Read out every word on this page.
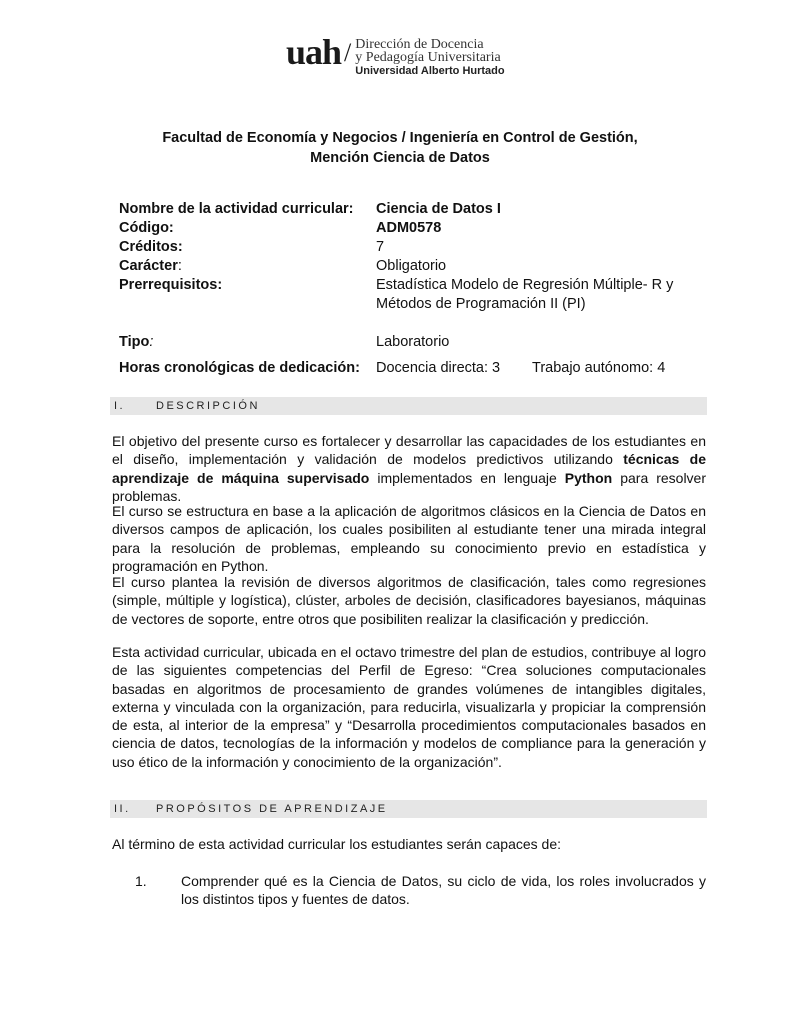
uah / Dirección de Docencia
y Pedagogía Universitaria
Universidad Alberto Hurtado
Facultad de Economía y Negocios / Ingeniería en Control de Gestión,
Mención Ciencia de Datos
Nombre de la actividad curricular:	Ciencia de Datos I
Código:	ADM0578
Créditos:	7
Carácter:	Obligatorio
Prerrequisitos:	Estadística Modelo de Regresión Múltiple- R y Métodos de Programación II (PI)
Tipo:	Laboratorio
Horas cronológicas de dedicación:	Docencia directa: 3	Trabajo autónomo: 4
I.	DESCRIPCIÓN
El objetivo del presente curso es fortalecer y desarrollar las capacidades de los estudiantes en el diseño, implementación y validación de modelos predictivos utilizando técnicas de aprendizaje de máquina supervisado implementados en lenguaje Python para resolver problemas.
El curso se estructura en base a la aplicación de algoritmos clásicos en la Ciencia de Datos en diversos campos de aplicación, los cuales posibiliten al estudiante tener una mirada integral para la resolución de problemas, empleando su conocimiento previo en estadística y programación en Python.
El curso plantea la revisión de diversos algoritmos de clasificación, tales como regresiones (simple, múltiple y logística), clúster, arboles de decisión, clasificadores bayesianos, máquinas de vectores de soporte, entre otros que posibiliten realizar la clasificación y predicción.
Esta actividad curricular, ubicada en el octavo trimestre del plan de estudios, contribuye al logro de las siguientes competencias del Perfil de Egreso: “Crea soluciones computacionales basadas en algoritmos de procesamiento de grandes volúmenes de intangibles digitales, externa y vinculada con la organización, para reducirla, visualizarla y propiciar la comprensión de esta, al interior de la empresa” y “Desarrolla procedimientos computacionales basados en ciencia de datos, tecnologías de la información y modelos de compliance para la generación y uso ético de la información y conocimiento de la organización”.
II. PROPÓSITOS DE APRENDIZAJE
Al término de esta actividad curricular los estudiantes serán capaces de:
1. Comprender qué es la Ciencia de Datos, su ciclo de vida, los roles involucrados y los distintos tipos y fuentes de datos.
